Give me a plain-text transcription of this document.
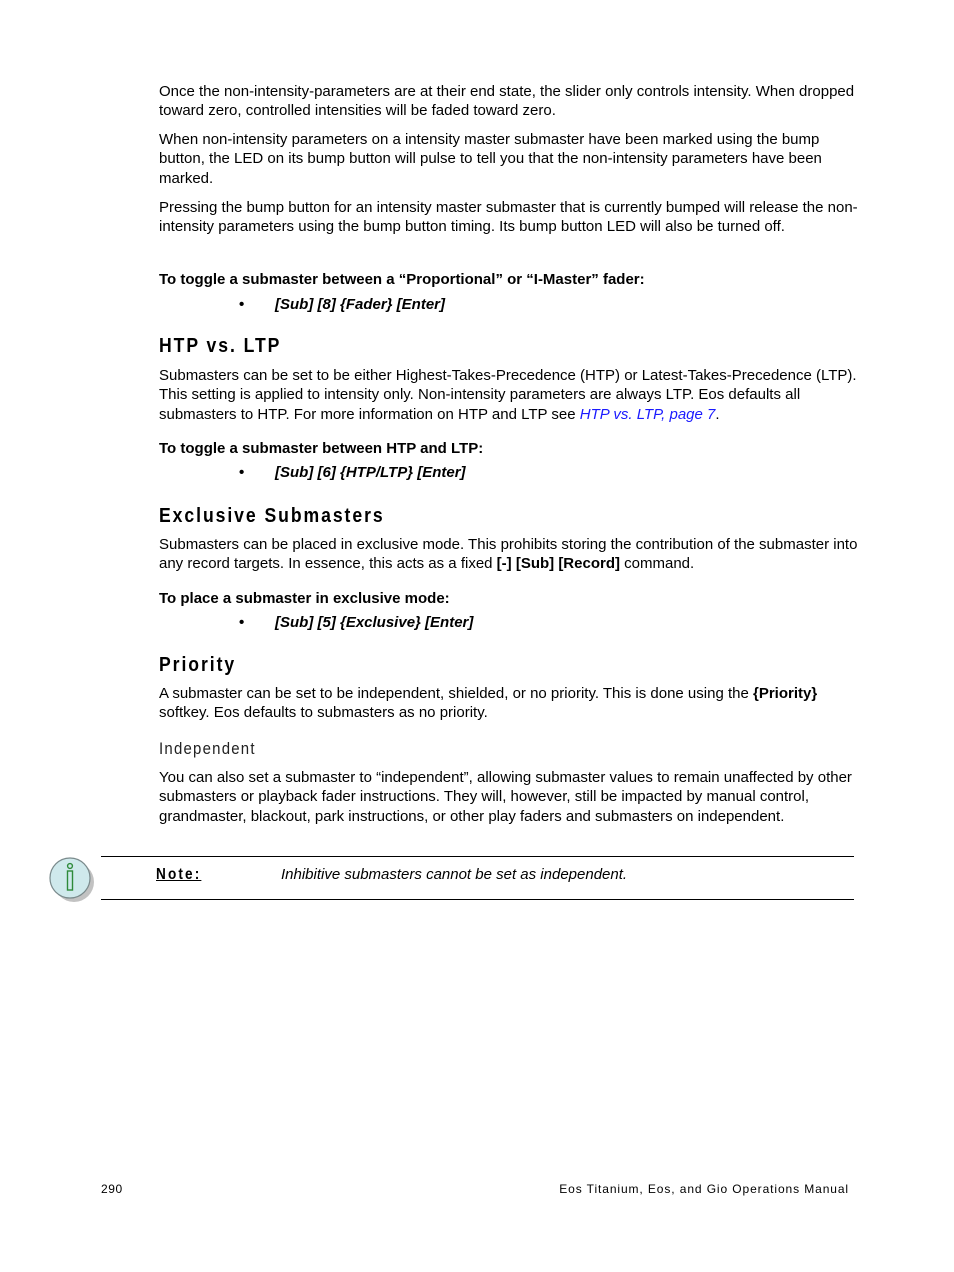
Once the non-intensity-parameters are at their end state, the slider only controls intensity. When dropped toward zero, controlled intensities will be faded toward zero.

When non-intensity parameters on a intensity master submaster have been marked using the bump button, the LED on its bump button will pulse to tell you that the non-intensity parameters have been marked.

Pressing the bump button for an intensity master submaster that is currently bumped will release the non-intensity parameters using the bump button timing. Its bump button LED will also be turned off.

To toggle a submaster between a “Proportional” or “I-Master” fader:

• [Sub] [8] {Fader} [Enter]

HTP vs. LTP

Submasters can be set to be either Highest-Takes-Precedence (HTP) or Latest-Takes-Precedence (LTP). This setting is applied to intensity only. Non-intensity parameters are always LTP. Eos defaults all submasters to HTP. For more information on HTP and LTP see HTP vs. LTP, page 7.

To toggle a submaster between HTP and LTP:

• [Sub] [6] {HTP/LTP} [Enter]

Exclusive Submasters

Submasters can be placed in exclusive mode. This prohibits storing the contribution of the submaster into any record targets. In essence, this acts as a fixed [-] [Sub] [Record] command.

To place a submaster in exclusive mode:

• [Sub] [5] {Exclusive} [Enter]

Priority

A submaster can be set to be independent, shielded, or no priority. This is done using the {Priority} softkey. Eos defaults to submasters as no priority.

Independent

You can also set a submaster to “independent”, allowing submaster values to remain unaffected by other submasters or playback fader instructions. They will, however, still be impacted by manual control, grandmaster, blackout, park instructions, or other play faders and submasters on independent.

Note:	Inhibitive submasters cannot be set as independent.
290	Eos Titanium, Eos, and Gio Operations Manual
